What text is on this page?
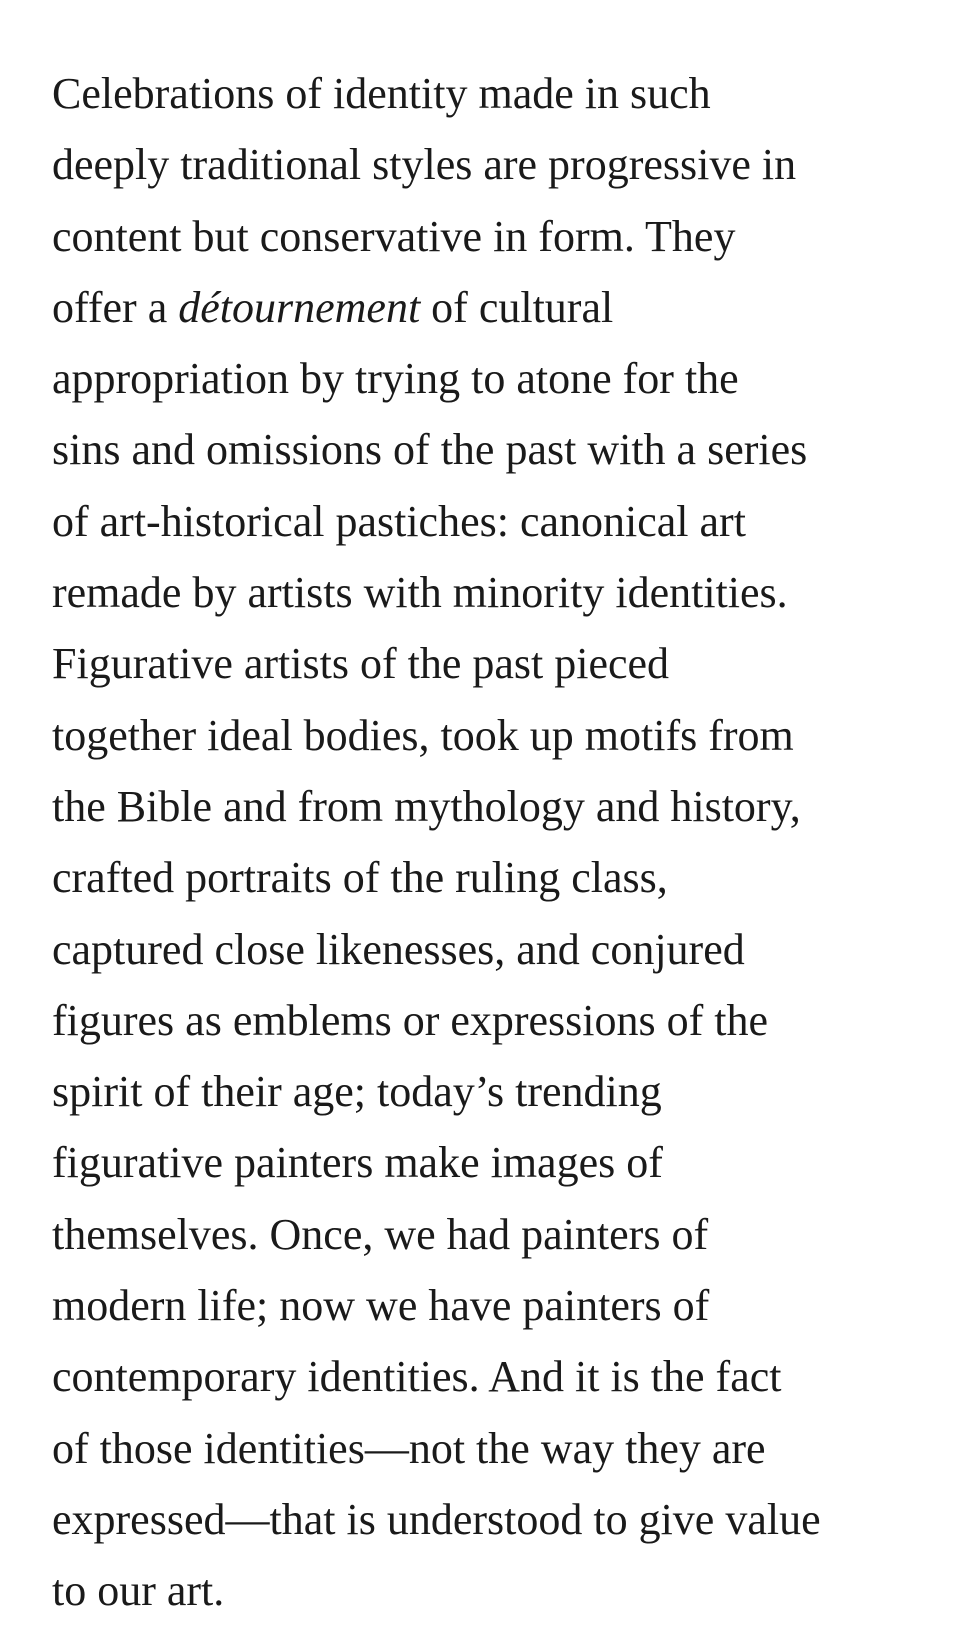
Celebrations of identity made in such
deeply traditional styles are progressive in
content but conservative in form. They
offer a détournement of cultural
appropriation by trying to atone for the
sins and omissions of the past with a series
of art-historical pastiches: canonical art
remade by artists with minority identities.
Figurative artists of the past pieced
together ideal bodies, took up motifs from
the Bible and from mythology and history,
crafted portraits of the ruling class,
captured close likenesses, and conjured
figures as emblems or expressions of the
spirit of their age; today’s trending
figurative painters make images of
themselves. Once, we had painters of
modern life; now we have painters of
contemporary identities. And it is the fact
of those identities—not the way they are
expressed—that is understood to give value
to our art.
